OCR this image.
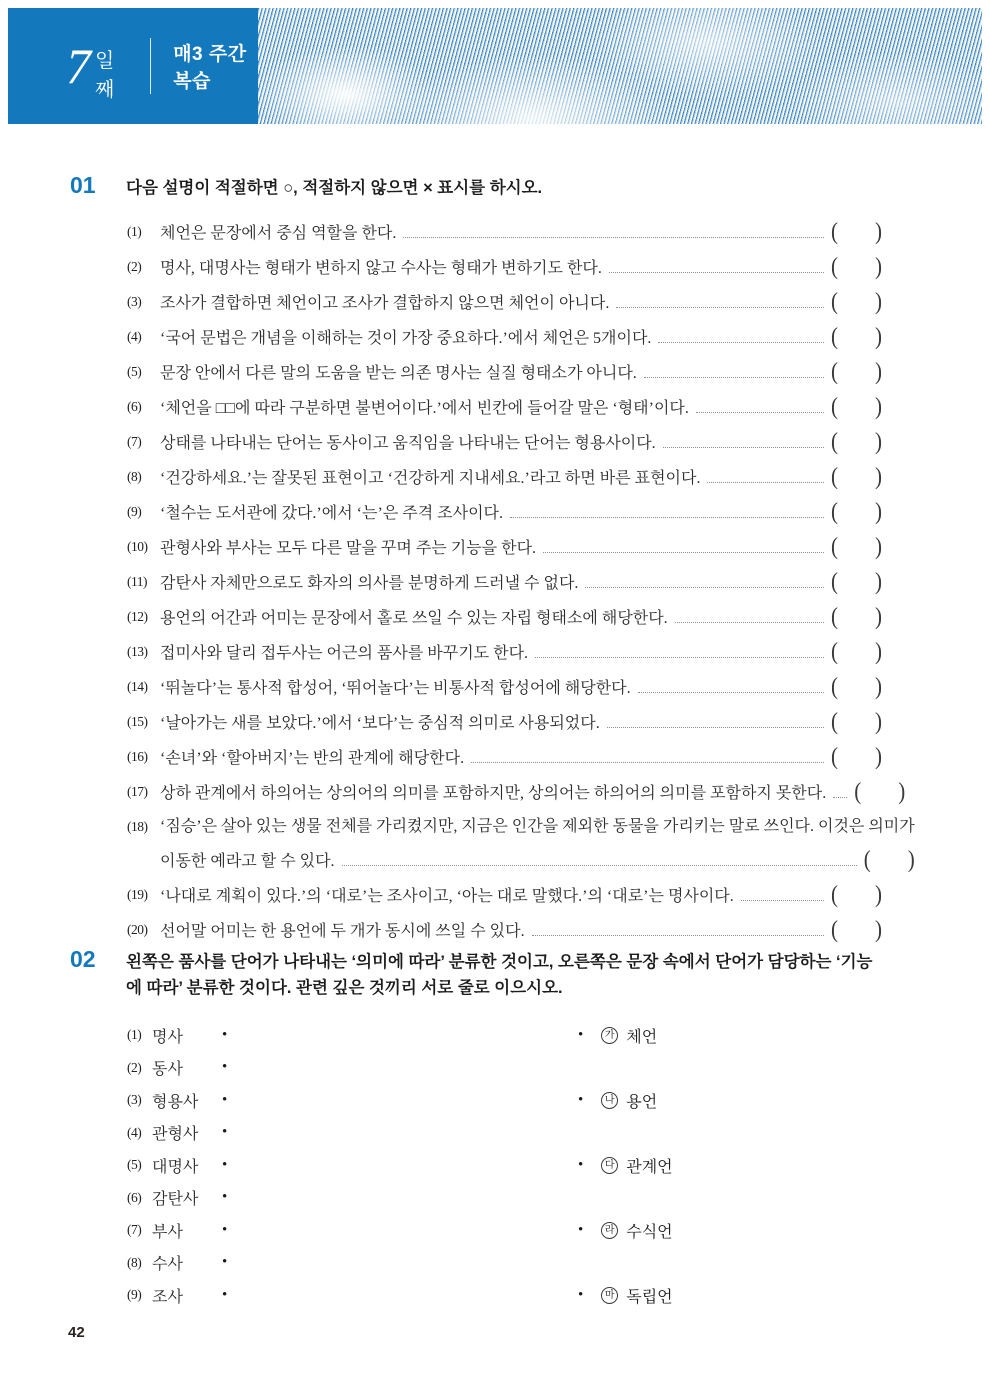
7 일째
매3 주간 복습
01	다음 설명이 적절하면 ○, 적절하지 않으면 × 표시를 하시오.
(1)	체언은 문장에서 중심 역할을 한다.	( )
(2)	명사, 대명사는 형태가 변하지 않고 수사는 형태가 변하기도 한다.	( )
(3)	조사가 결합하면 체언이고 조사가 결합하지 않으면 체언이 아니다.	( )
(4)	‘국어 문법은 개념을 이해하는 것이 가장 중요하다.’에서 체언은 5개이다.	( )
(5)	문장 안에서 다른 말의 도움을 받는 의존 명사는 실질 형태소가 아니다.	( )
(6)	‘체언을 □□에 따라 구분하면 불변어이다.’에서 빈칸에 들어갈 말은 ‘형태’이다.	( )
(7)	상태를 나타내는 단어는 동사이고 움직임을 나타내는 단어는 형용사이다.	( )
(8)	‘건강하세요.’는 잘못된 표현이고 ‘건강하게 지내세요.’라고 하면 바른 표현이다.	( )
(9)	‘철수는 도서관에 갔다.’에서 ‘는’은 주격 조사이다.	( )
(10) 관형사와 부사는 모두 다른 말을 꾸며 주는 기능을 한다.	( )
(11) 감탄사 자체만으로도 화자의 의사를 분명하게 드러낼 수 없다.	( )
(12) 용언의 어간과 어미는 문장에서 홀로 쓰일 수 있는 자립 형태소에 해당한다.	( )
(13) 접미사와 달리 접두사는 어근의 품사를 바꾸기도 한다.	( )
(14) ‘뛰놀다’는 통사적 합성어, ‘뛰어놀다’는 비통사적 합성어에 해당한다.	( )
(15) ‘날아가는 새를 보았다.’에서 ‘보다’는 중심적 의미로 사용되었다.	( )
(16) ‘손녀’와 ‘할아버지’는 반의 관계에 해당한다.	( )
(17) 상하 관계에서 하의어는 상의어의 의미를 포함하지만, 상의어는 하의어의 의미를 포함하지 못한다. ( )
(18) ‘짐승’은 살아 있는 생물 전체를 가리켰지만, 지금은 인간을 제외한 동물을 가리키는 말로 쓰인다. 이것은 의미가
이동한 예라고 할 수 있다.	( )
(19) ‘나대로 계획이 있다.’의 ‘대로’는 조사이고, ‘아는 대로 말했다.’의 ‘대로’는 명사이다.	( )
(20) 선어말 어미는 한 용언에 두 개가 동시에 쓰일 수 있다.	( )
02	왼쪽은 품사를 단어가 나타내는 ‘의미에 따라’ 분류한 것이고, 오른쪽은 문장 속에서 단어가 담당하는 ‘기능에 따라’ 분류한 것이다. 관련 깊은 것끼리 서로 줄로 이으시오.
(1) 명사	•	•	가 체언
(2) 동사	•
(3) 형용사	•	•	나 용언
(4) 관형사	•
(5) 대명사	•	•	다 관계언
(6) 감탄사	•
(7) 부사	•	•	라 수식언
(8) 수사	•
(9) 조사	•	•	마 독립언
42
